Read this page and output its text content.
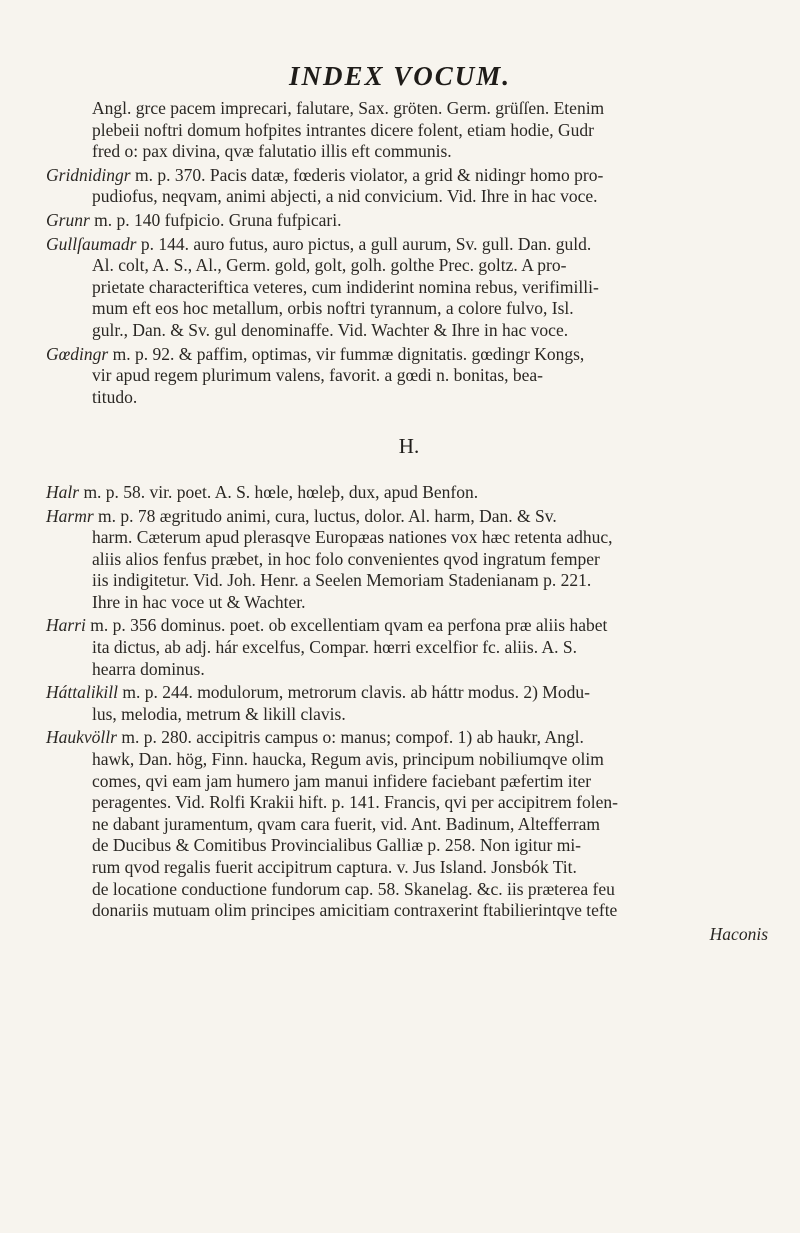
INDEX VOCUM.

Angl. grce pacem imprecari, falutare, Sax. gröten. Germ. grüſſen. Etenim
plebeii noftri domum hofpites intrantes dicere folent, etiam hodie, Gudr
fred o: pax divina, qvæ falutatio illis eft communis.

Gridnidingr m. p. 370. Pacis datæ, fœderis violator, a grid & nidingr homo pro-
pudiofus, neqvam, animi abjecti, a nid convicium. Vid. Ihre in hac voce.

Grunr m. p. 140 fufpicio. Gruna fufpicari.

Gullſaumadr p. 144. auro futus, auro pictus, a gull aurum, Sv. gull. Dan. guld.
Al. colt, A. S., Al., Germ. gold, golt, golh. golthe Prec. goltz. A pro-
prietate characteriftica veteres, cum indiderint nomina rebus, verifimilli-
mum eft eos hoc metallum, orbis noftri tyrannum, a colore fulvo, Isl.
gulr., Dan. & Sv. gul denominaffe. Vid. Wachter & Ihre in hac voce.

Gœdingr m. p. 92. & paffim, optimas, vir fummæ dignitatis. gœdingr Kongs,
vir apud regem plurimum valens, favorit. a gœdi n. bonitas, bea-
titudo.

H.

Halr m. p. 58. vir. poet. A. S. hœle, hœleþ, dux, apud Benfon.

Harmr m. p. 78 ægritudo animi, cura, luctus, dolor. Al. harm, Dan. & Sv.
harm. Cæterum apud plerasqve Europæas nationes vox hæc retenta adhuc,
aliis alios fenfus præbet, in hoc folo convenientes qvod ingratum femper
iis indigitetur. Vid. Joh. Henr. a Seelen Memoriam Stadenianam p. 221.
Ihre in hac voce ut & Wachter.

Harri m. p. 356 dominus. poet. ob excellentiam qvam ea perfona præ aliis habet
ita dictus, ab adj. hár excelfus, Compar. hœrri excelfior fc. aliis. A. S.
hearra dominus.

Háttalikill m. p. 244. modulorum, metrorum clavis. ab háttr modus. 2) Modu-
lus, melodia, metrum & likill clavis.

Haukvöllr m. p. 280. accipitris campus o: manus; compof. 1) ab haukr, Angl.
hawk, Dan. hög, Finn. haucka, Regum avis, principum nobiliumqve olim
comes, qvi eam jam humero jam manui infidere faciebant pæfertim iter
peragentes. Vid. Rolfi Krakii hift. p. 141. Francis, qvi per accipitrem folen-
ne dabant juramentum, qvam cara fuerit, vid. Ant. Badinum, Altefferram
de Ducibus & Comitibus Provincialibus Galliæ p. 258. Non igitur mi-
rum qvod regalis fuerit accipitrum captura. v. Jus Island. Jonsbók Tit.
de locatione conductione fundorum cap. 58. Skanelag. &c. iis præterea feu
donariis mutuam olim principes amicitiam contraxerint ftabilierintqve tefte

Haconis
